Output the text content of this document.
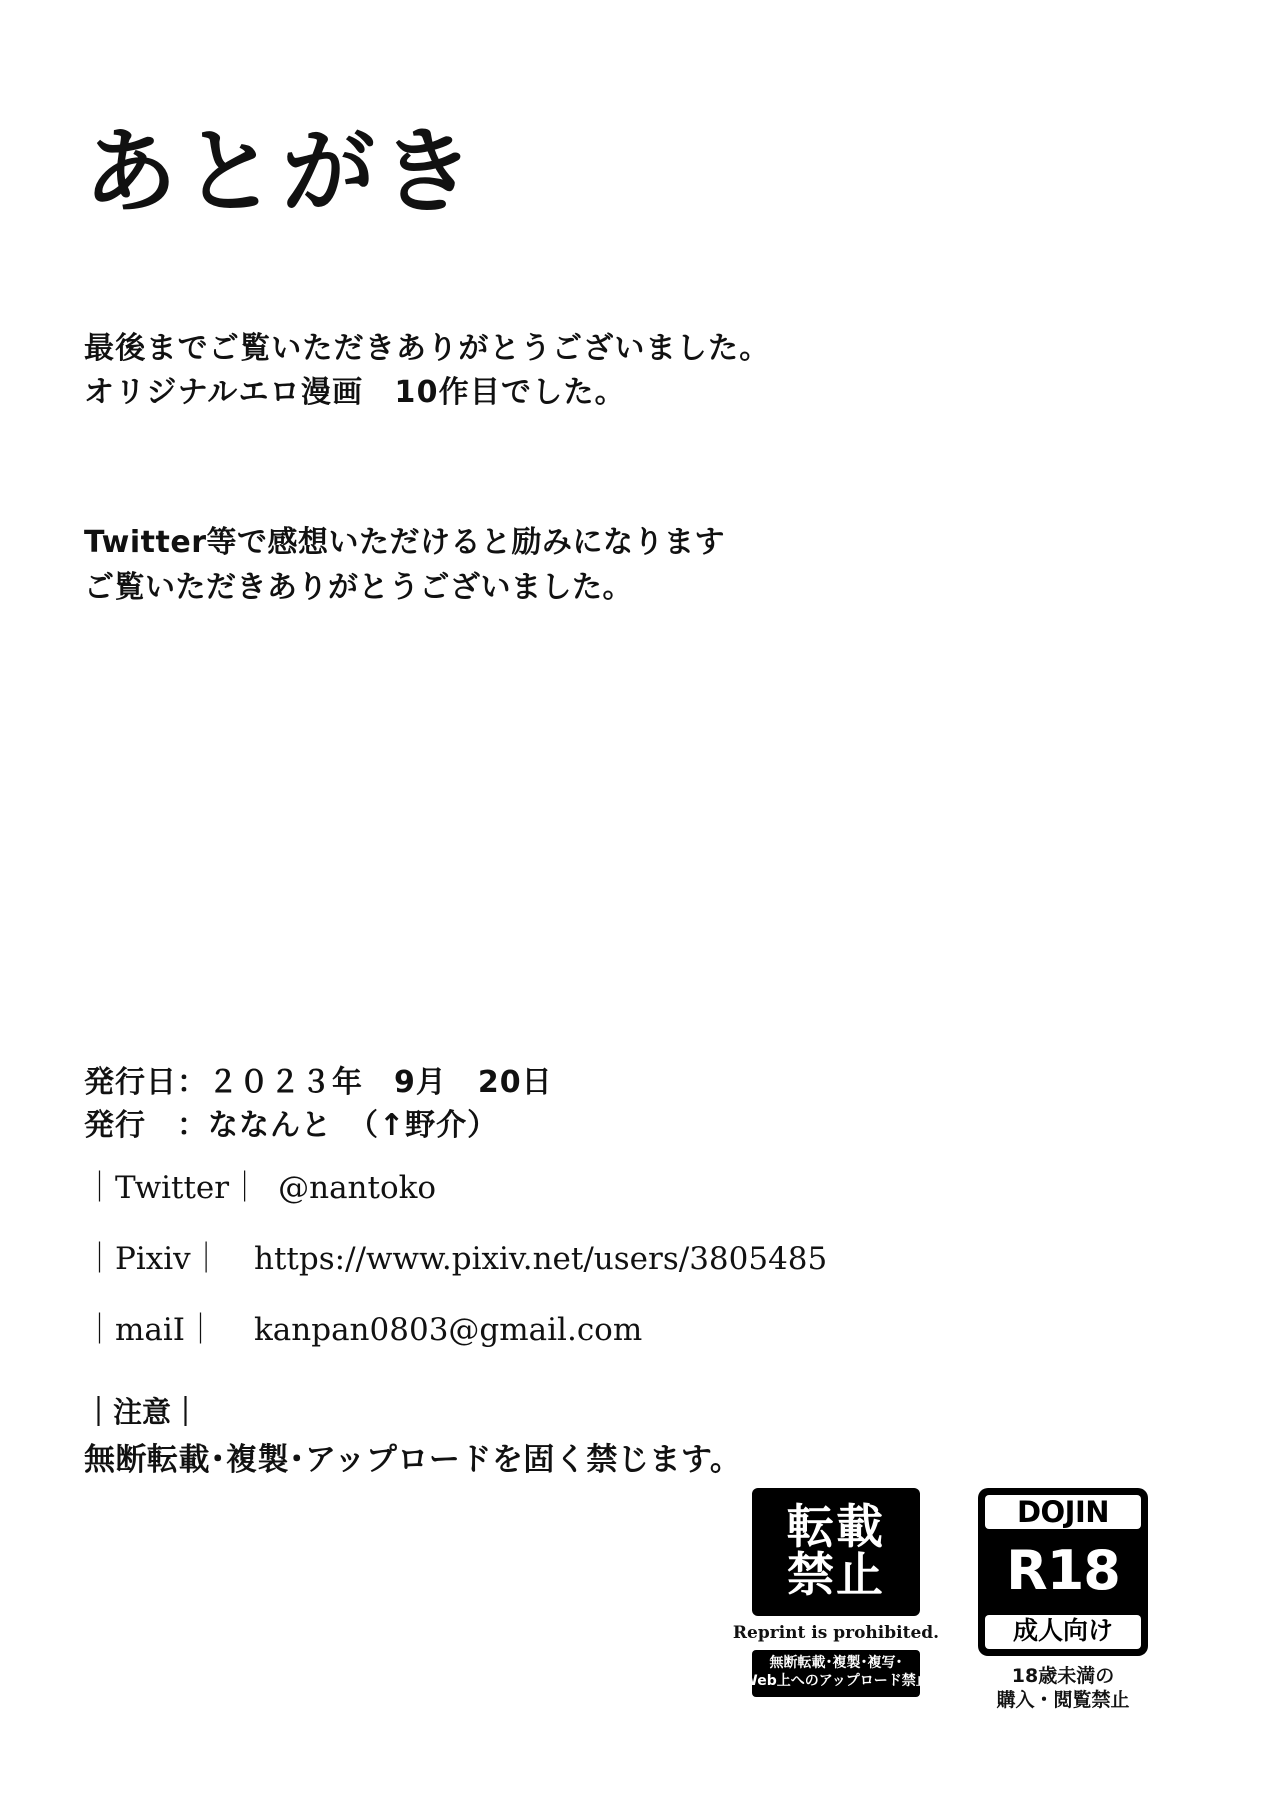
あとがき
最後までご覧いただきありがとうございました。
オリジナルエロ漫画　10作目でした。
Twitter等で感想いただけると励みになります
ご覧いただきありがとうございました。
発行日：２０２３年　9月　20日
発行　：ななんと　（↑野介）
｜Twitter｜ @nantoko
｜Pixiv｜	https://www.pixiv.net/users/3805485
｜maiⅠ｜	kanpan0803@gmail.com
｜注意｜
無断転載･複製･アップロードを固く禁じます。
転載
禁止
Reprint is prohibited.
無断転載･複製･複写･
Web上へのアップロード禁止
DOJIN
R18
成人向け
18歳未満の
購入・閲覧禁止
